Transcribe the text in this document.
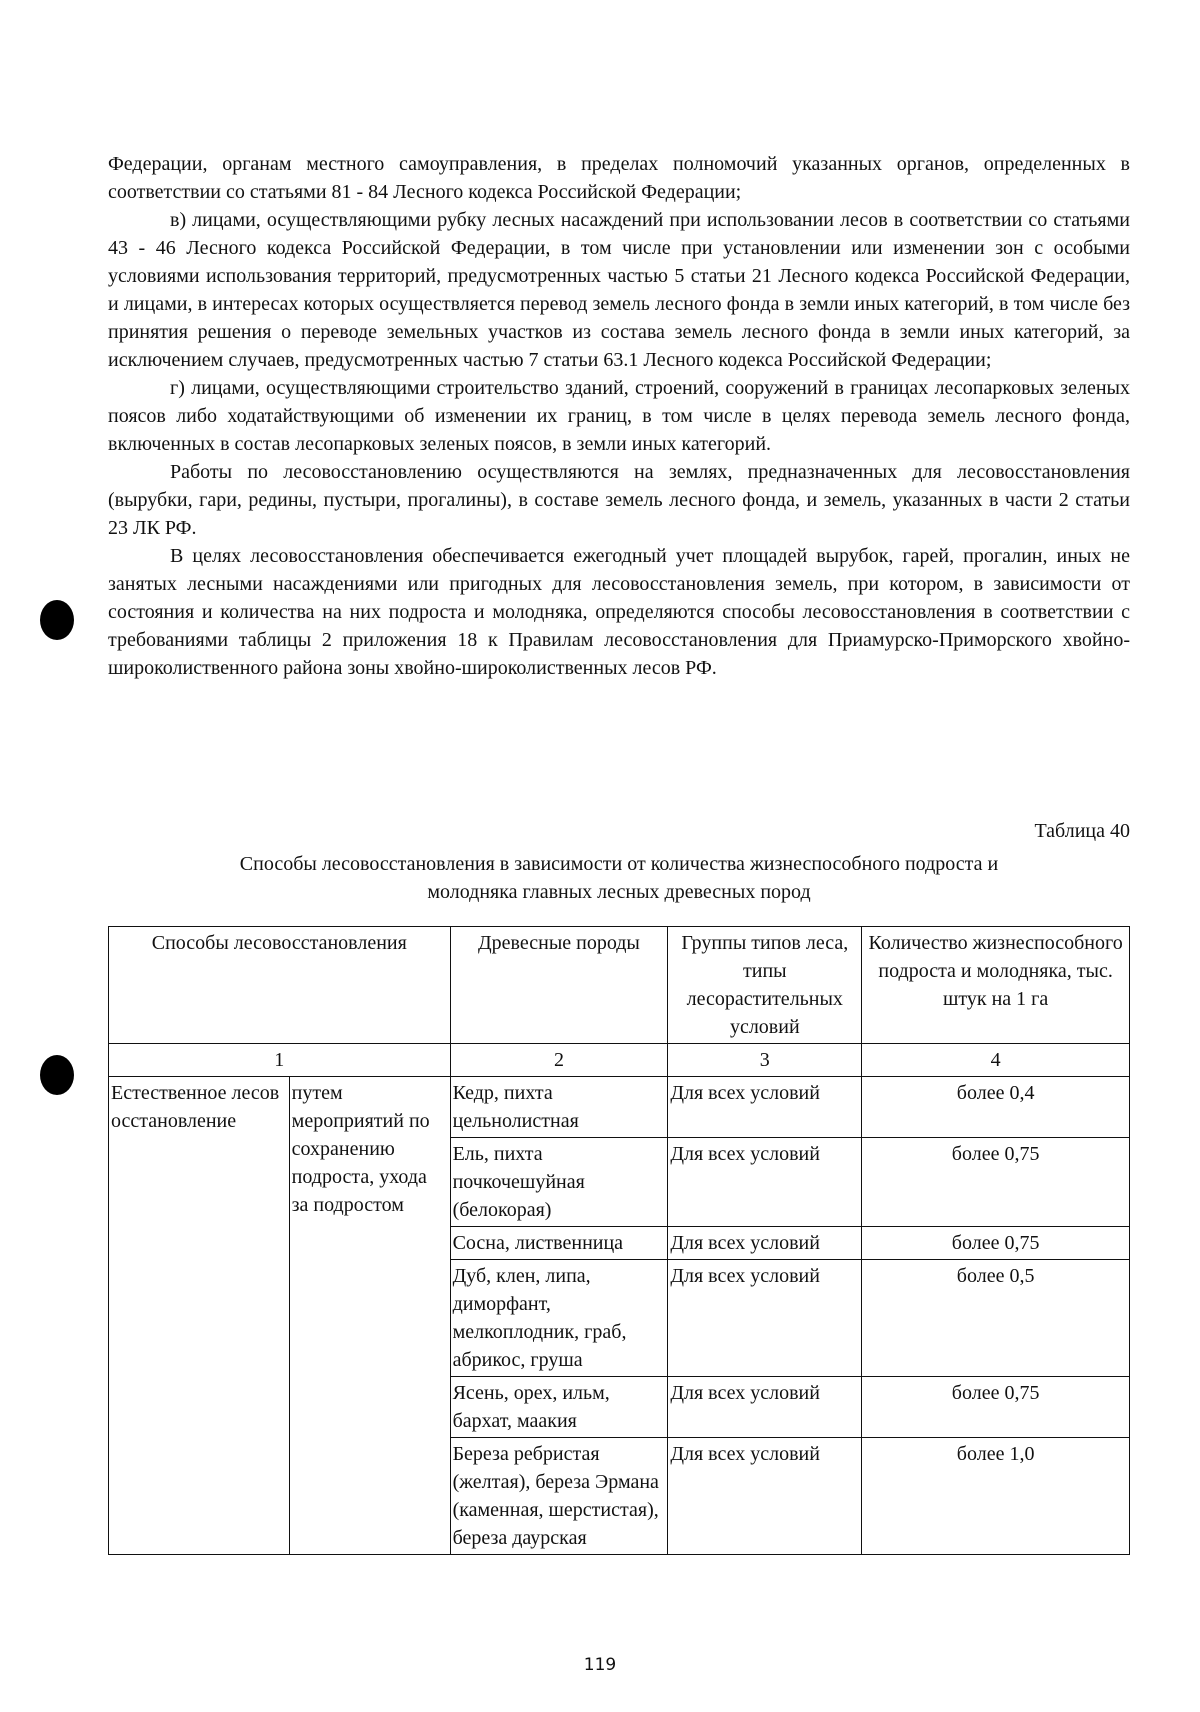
Федерации, органам местного самоуправления, в пределах полномочий указанных органов, определенных в соответствии со статьями 81 - 84 Лесного кодекса Российской Федерации;

в) лицами, осуществляющими рубку лесных насаждений при использовании лесов в соответствии со статьями 43 - 46 Лесного кодекса Российской Федерации, в том числе при установлении или изменении зон с особыми условиями использования территорий, предусмотренных частью 5 статьи 21 Лесного кодекса Российской Федерации, и лицами, в интересах которых осуществляется перевод земель лесного фонда в земли иных категорий, в том числе без принятия решения о переводе земельных участков из состава земель лесного фонда в земли иных категорий, за исключением случаев, предусмотренных частью 7 статьи 63.1 Лесного кодекса Российской Федерации;

г) лицами, осуществляющими строительство зданий, строений, сооружений в границах лесопарковых зеленых поясов либо ходатайствующими об изменении их границ, в том числе в целях перевода земель лесного фонда, включенных в состав лесопарковых зеленых поясов, в земли иных категорий.

Работы по лесовосстановлению осуществляются на землях, предназначенных для лесовосстановления (вырубки, гари, редины, пустыри, прогалины), в составе земель лесного фонда, и земель, указанных в части 2 статьи 23 ЛК РФ.

В целях лесовосстановления обеспечивается ежегодный учет площадей вырубок, гарей, прогалин, иных не занятых лесными насаждениями или пригодных для лесовосстановления земель, при котором, в зависимости от состояния и количества на них подроста и молодняка, определяются способы лесовосстановления в соответствии с требованиями таблицы 2 приложения 18 к Правилам лесовосстановления для Приамурско-Приморского хвойно-широколиственного района зоны хвойно-широколиственных лесов РФ.

Таблица 40
Способы лесовосстановления в зависимости от количества жизнеспособного подроста и
молодняка главных лесных древесных пород
Способы лесовосстановления		Древесные породы	Группы типов леса, типы лесорастительных условий	Количество жизнеспособного подроста и молодняка, тыс. штук на 1 га
1		2	3	4
Естественное лесовосстановление	путем мероприятий по сохранению подроста, ухода за подростом	Кедр, пихта цельнолистная	Для всех условий	более 0,4
		Ель, пихта почкочешуйная (белокорая)	Для всех условий	более 0,75
		Сосна, лиственница	Для всех условий	более 0,75
		Дуб, клен, липа, диморфант, мелкоплодник, граб, абрикос, груша	Для всех условий	более 0,5
		Ясень, орех, ильм, бархат, маакия	Для всех условий	более 0,75
		Береза ребристая (желтая), береза Эрмана (каменная, шерстистая), береза даурская	Для всех условий	более 1,0
119
